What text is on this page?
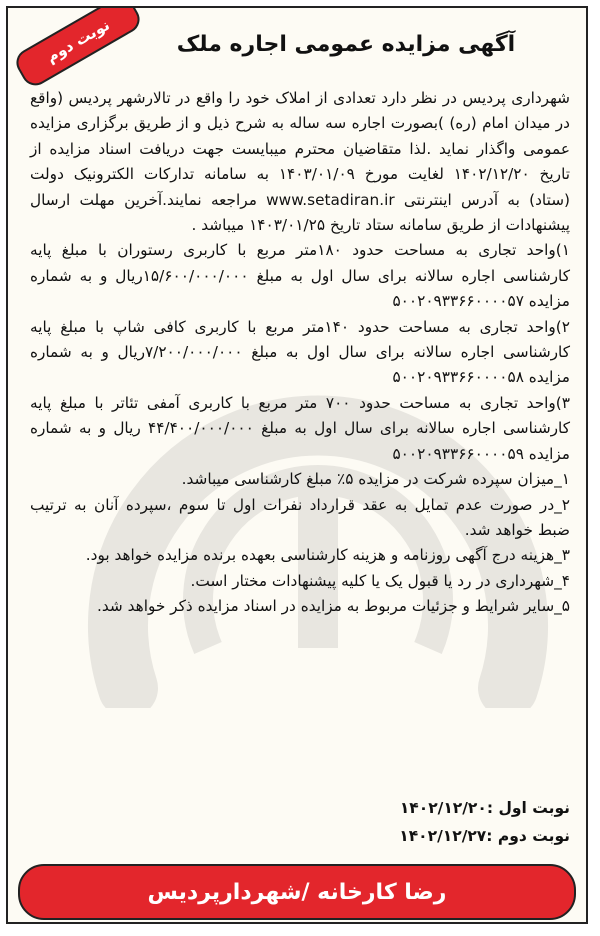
نوبت دوم	آگهی مزایده عمومی اجاره ملک

شهرداری پردیس در نظر دارد تعدادی از املاک خود را واقع در تالارشهر پردیس (واقع در میدان امام (ره) )بصورت اجاره سه ساله به شرح ذیل و از طریق برگزاری مزایده عمومی واگذار نماید .لذا متقاضیان محترم میبایست جهت دریافت اسناد مزایده از تاریخ ۱۴۰۲/۱۲/۲۰ لغایت مورخ ۱۴۰۳/۰۱/۰۹ به سامانه تدارکات الکترونیک دولت (ستاد) به آدرس اینترنتی www.setadiran.ir مراجعه نمایند.آخرین مهلت ارسال پیشنهادات از طریق سامانه ستاد تاریخ ۱۴۰۳/۰۱/۲۵ میباشد .

۱)واحد تجاری به مساحت حدود ۱۸۰متر مربع با کاربری رستوران با مبلغ پایه کارشناسی اجاره سالانه برای سال اول به مبلغ ۱۵/۶۰۰/۰۰۰/۰۰۰ریال و به شماره مزایده ۵۰۰۲۰۹۳۳۶۶۰۰۰۰۵۷

۲)واحد تجاری به مساحت حدود ۱۴۰متر مربع با کاربری کافی شاپ با مبلغ پایه کارشناسی اجاره سالانه برای سال اول به مبلغ ۷/۲۰۰/۰۰۰/۰۰۰ریال و به شماره مزایده ۵۰۰۲۰۹۳۳۶۶۰۰۰۰۵۸

۳)واحد تجاری به مساحت حدود ۷۰۰ متر مربع با کاربری آمفی تئاتر با مبلغ پایه کارشناسی اجاره سالانه برای سال اول به مبلغ ۴۴/۴۰۰/۰۰۰/۰۰۰ ریال و به شماره مزایده ۵۰۰۲۰۹۳۳۶۶۰۰۰۰۵۹

۱_میزان سپرده شرکت در مزایده ۵٪ مبلغ کارشناسی میباشد.

۲_در صورت عدم تمایل به عقد قرارداد نفرات اول تا سوم ،سپرده آنان به ترتیب ضبط خواهد شد.

۳_هزینه درج آگهی روزنامه و هزینه کارشناسی بعهده برنده مزایده خواهد بود.

۴_شهرداری در رد یا قبول یک یا کلیه پیشنهادات مختار است.

۵_سایر شرایط و جزئیات مربوط به مزایده در اسناد مزایده ذکر خواهد شد.

نوبت اول :۱۴۰۲/۱۲/۲۰
نوبت دوم :۱۴۰۲/۱۲/۲۷
رضا کارخانه /شهردارپردیس
